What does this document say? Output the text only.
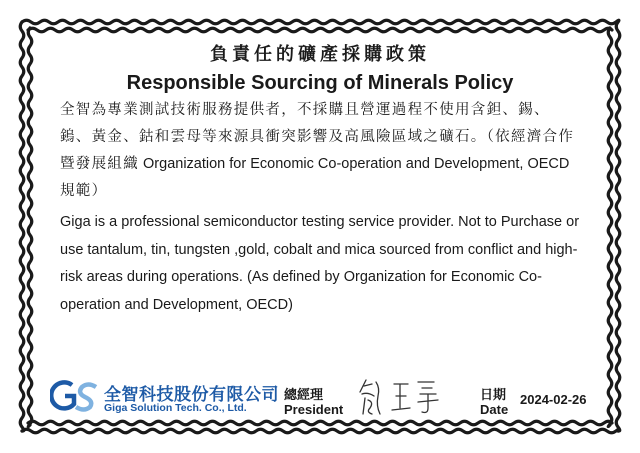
負責任的礦產採購政策
Responsible Sourcing of Minerals Policy

全智為專業測試技術服務提供者，不採購且營運過程不使用含鉭、錫、鎢、黃金、鈷和雲母等來源具衝突影響及高風險區域之礦石。（依經濟合作暨發展組織 Organization for Economic Co-operation and Development, OECD 規範）

Giga is a professional semiconductor testing service provider. Not to Purchase or use tantalum, tin, tungsten ,gold, cobalt and mica sourced from conflict and high-risk areas during operations. (As defined by Organization for Economic Co-operation and Development, OECD)

全智科技股份有限公司
Giga Solution Tech. Co., Ltd.
總經理
President
日期
Date
2024-02-26
